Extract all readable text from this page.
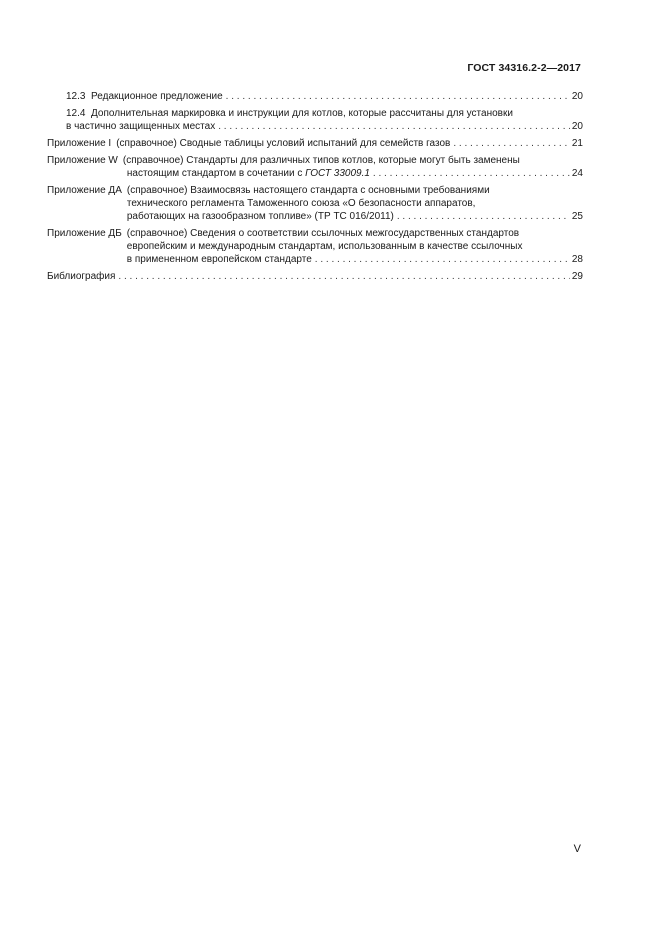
ГОСТ 34316.2-2—2017
12.3 Редакционное предложение . . .	20
12.4 Дополнительная маркировка и инструкции для котлов, которые рассчитаны для установки
в частично защищенных местах . . .	20
Приложение I (справочное) Сводные таблицы условий испытаний для семейств газов . . .	21
Приложение W (справочное) Стандарты для различных типов котлов, которые могут быть заменены
настоящим стандартом в сочетании с ГОСТ 33009.1 . . .	24
Приложение ДА (справочное) Взаимосвязь настоящего стандарта с основными требованиями
технического регламента Таможенного союза «О безопасности аппаратов,
работающих на газообразном топливе» (ТР ТС 016/2011) . . .	25
Приложение ДБ (справочное) Сведения о соответствии ссылочных межгосударственных стандартов
европейским и международным стандартам, использованным в качестве ссылочных
в примененном европейском стандарте . . .	28
Библиография . . .	29
V
